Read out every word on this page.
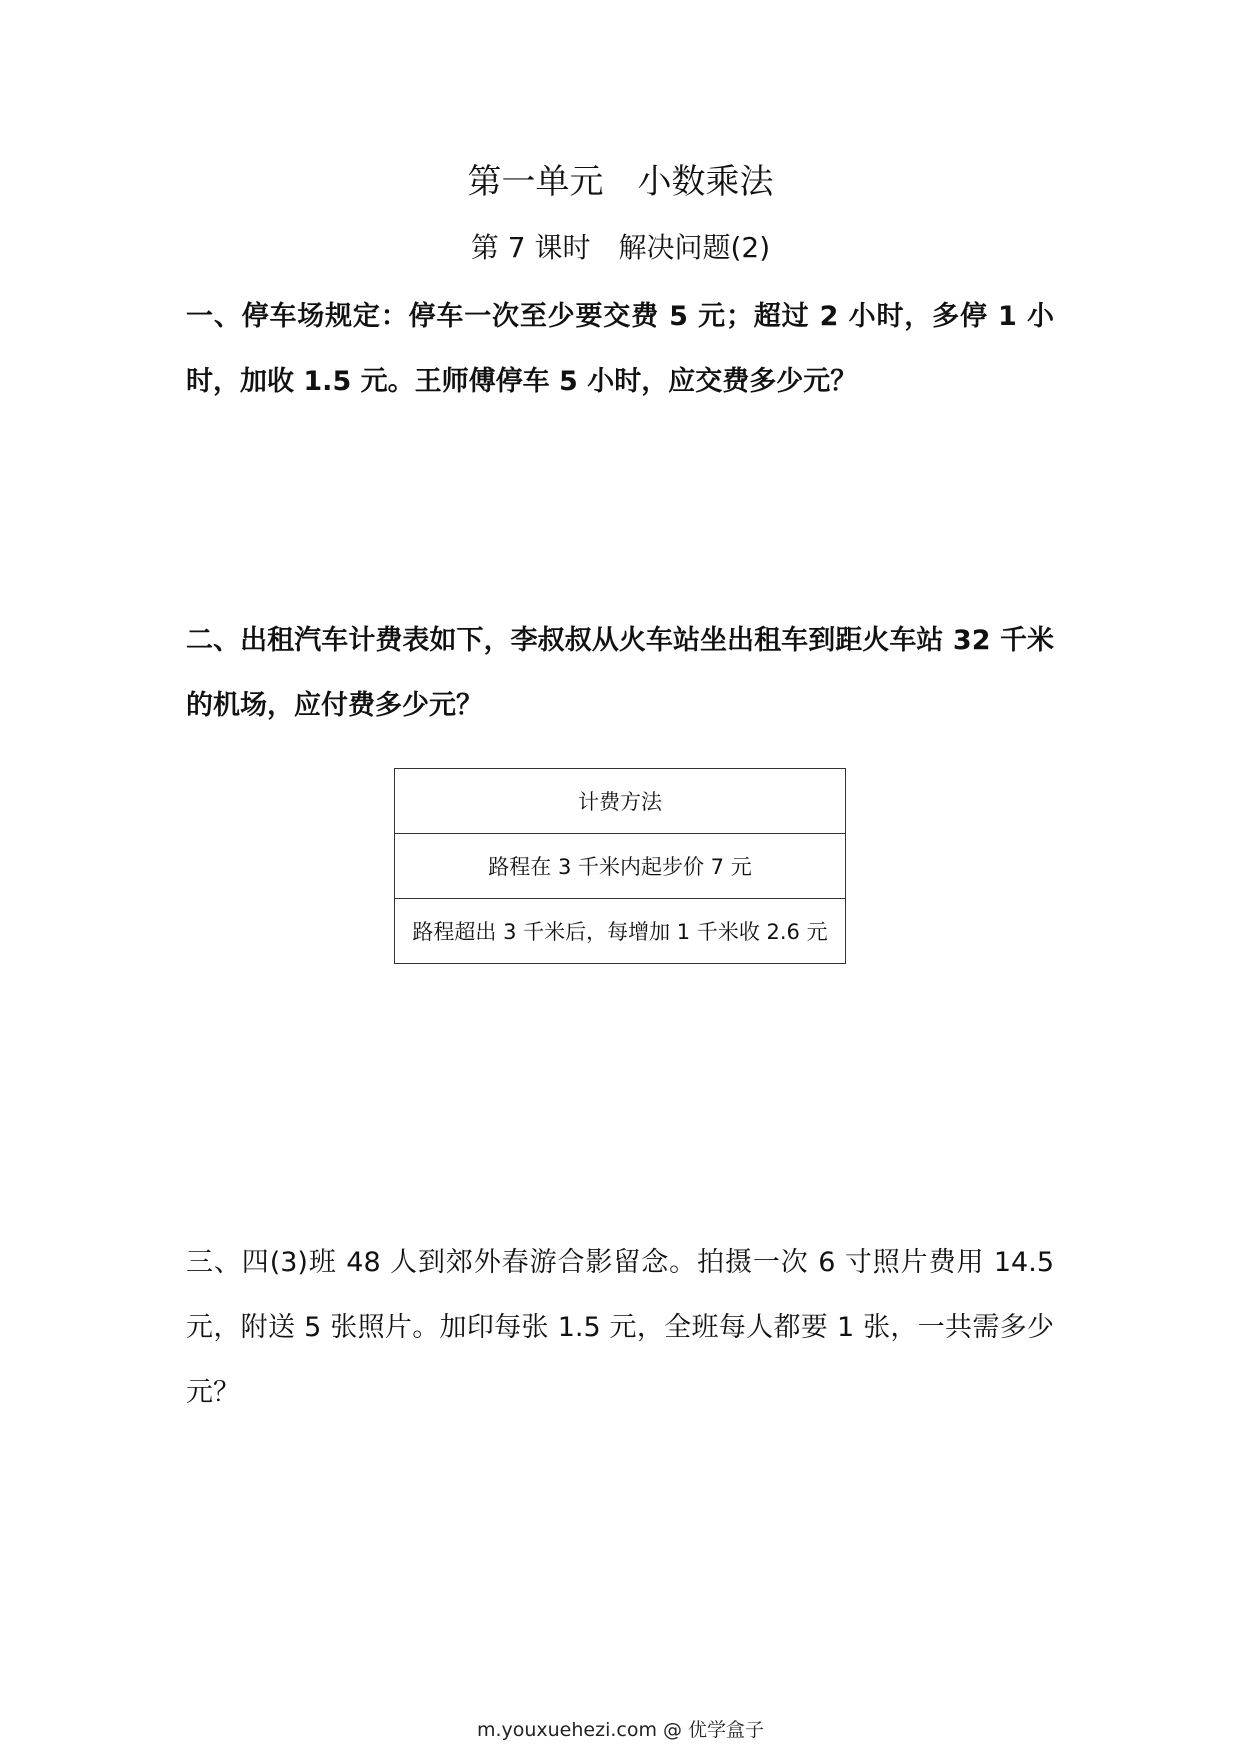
第一单元　小数乘法
第 7 课时　解决问题(2)
一、停车场规定：停车一次至少要交费 5 元；超过 2 小时，多停 1 小时，加收 1.5 元。王师傅停车 5 小时，应交费多少元？
二、出租汽车计费表如下，李叔叔从火车站坐出租车到距火车站 32 千米的机场，应付费多少元？
计费方法
路程在 3 千米内起步价 7 元
路程超出 3 千米后，每增加 1 千米收 2.6 元
三、四(3)班 48 人到郊外春游合影留念。拍摄一次 6 寸照片费用 14.5 元，附送 5 张照片。加印每张 1.5 元，全班每人都要 1 张，一共需多少元？
m.youxuehezi.com @ 优学盒子
